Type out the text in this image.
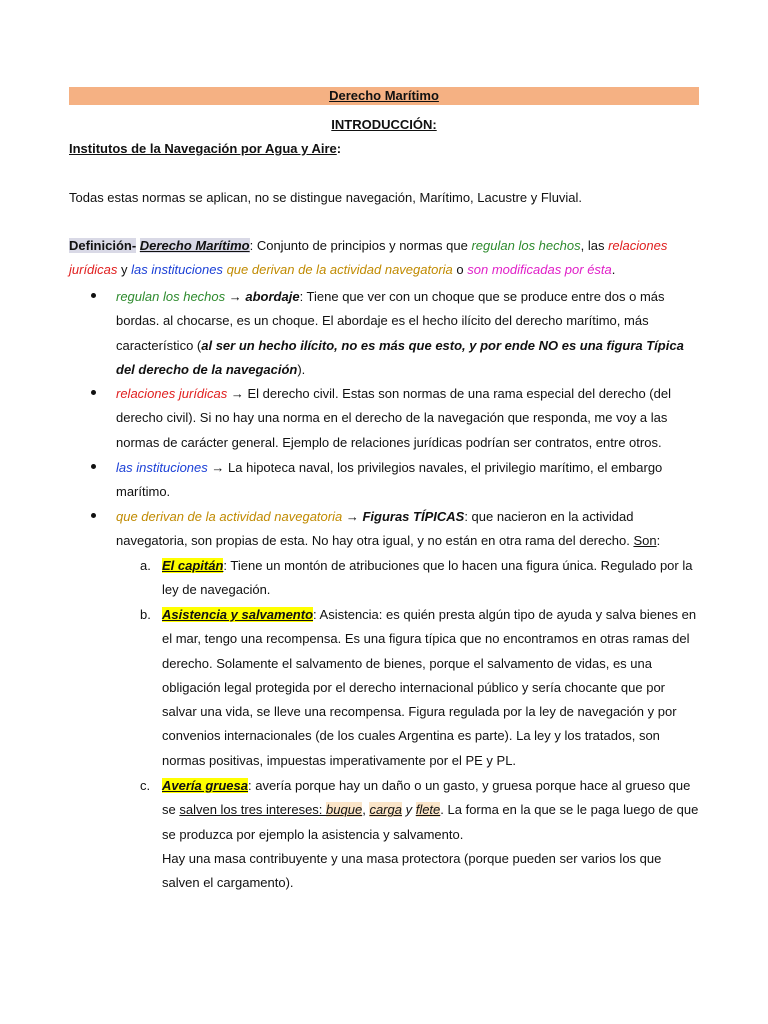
Derecho Marítimo
INTRODUCCIÓN:
Institutos de la Navegación por Agua y Aire:
Todas estas normas se aplican, no se distingue navegación, Marítimo, Lacustre y Fluvial.
Definición- Derecho Marítimo: Conjunto de principios y normas que regulan los hechos, las relaciones jurídicas y las instituciones que derivan de la actividad navegatoria o son modificadas por ésta.
regulan los hechos → abordaje: Tiene que ver con un choque que se produce entre dos o más bordas. al chocarse, es un choque. El abordaje es el hecho ilícito del derecho marítimo, más característico (al ser un hecho ilícito, no es más que esto, y por ende NO es una figura Típica del derecho de la navegación).
relaciones jurídicas → El derecho civil. Estas son normas de una rama especial del derecho (del derecho civil). Si no hay una norma en el derecho de la navegación que responda, me voy a las normas de carácter general. Ejemplo de relaciones jurídicas podrían ser contratos, entre otros.
las instituciones → La hipoteca naval, los privilegios navales, el privilegio marítimo, el embargo marítimo.
que derivan de la actividad navegatoria → Figuras TÍPICAS: que nacieron en la actividad navegatoria, son propias de esta. No hay otra igual, y no están en otra rama del derecho. Son:
a. El capitán: Tiene un montón de atribuciones que lo hacen una figura única. Regulado por la ley de navegación.
b. Asistencia y salvamento: Asistencia: es quién presta algún tipo de ayuda y salva bienes en el mar, tengo una recompensa. Es una figura típica que no encontramos en otras ramas del derecho. Solamente el salvamento de bienes, porque el salvamento de vidas, es una obligación legal protegida por el derecho internacional público y sería chocante que por salvar una vida, se lleve una recompensa. Figura regulada por la ley de navegación y por convenios internacionales (de los cuales Argentina es parte). La ley y los tratados, son normas positivas, impuestas imperativamente por el PE y PL.
c. Avería gruesa: avería porque hay un daño o un gasto, y gruesa porque hace al grueso que se salven los tres intereses: buque, carga y flete. La forma en la que se le paga luego de que se produzca por ejemplo la asistencia y salvamento.
Hay una masa contribuyente y una masa protectora (porque pueden ser varios los que salven el cargamento).
